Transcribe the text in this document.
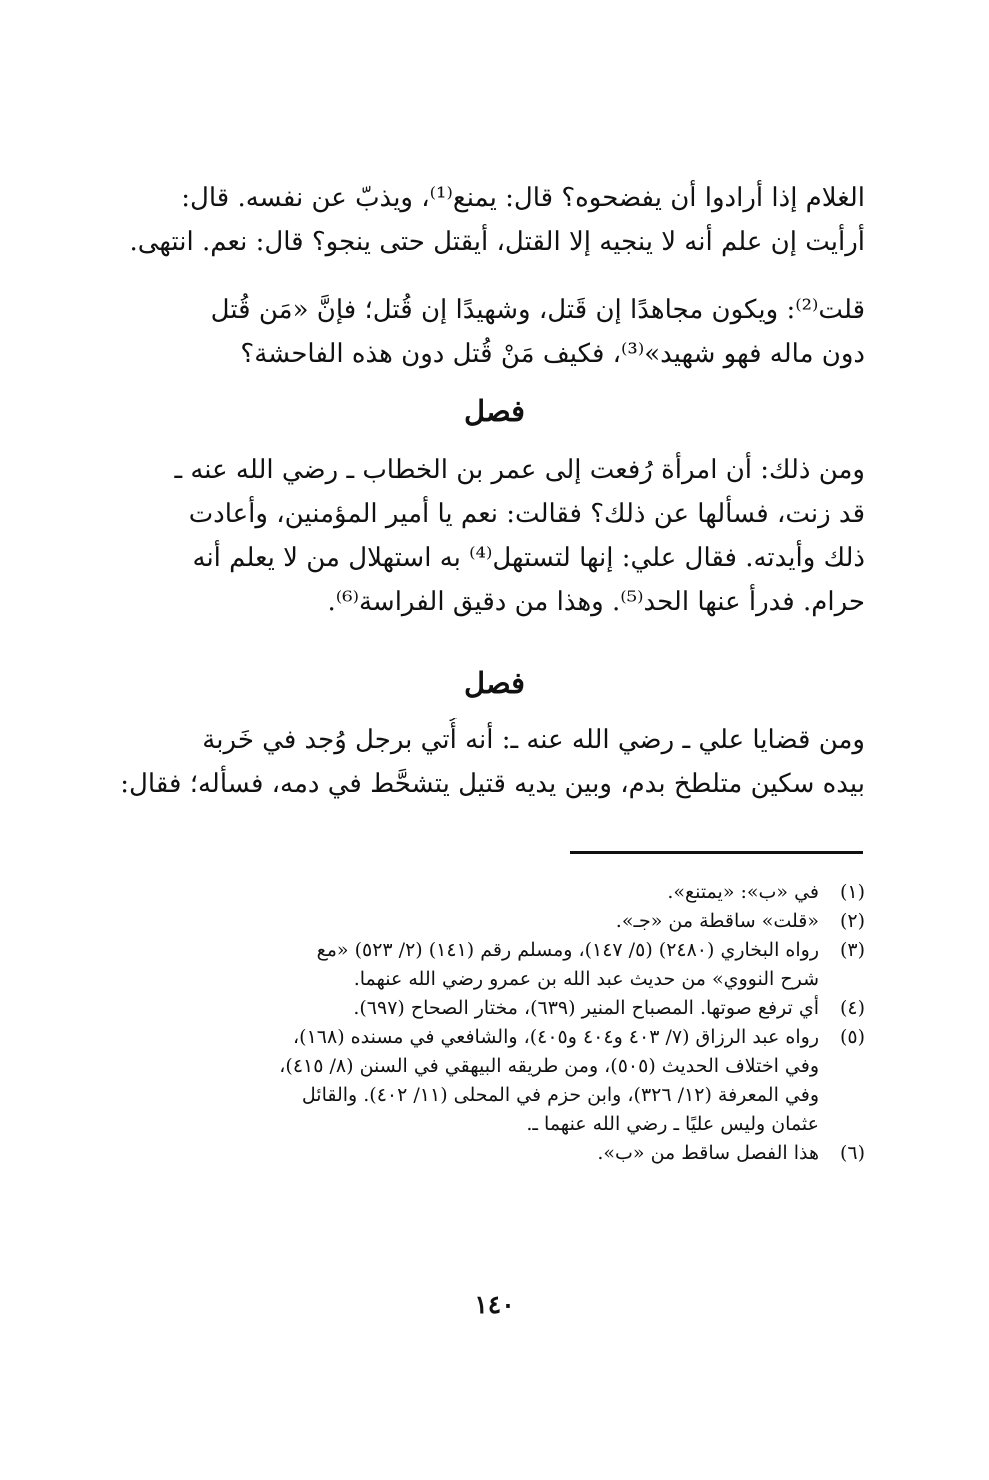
الغلام إذا أرادوا أن يفضحوه؟ قال: يمنع⁽¹⁾، ويذبّ عن نفسه. قال:
أرأيت إن علم أنه لا ينجيه إلا القتل، أيقتل حتى ينجو؟ قال: نعم. انتهى.
قلت⁽²⁾: ويكون مجاهدًا إن قَتل، وشهيدًا إن قُتل؛ فإنَّ «مَن قُتل
دون ماله فهو شهيد»⁽³⁾، فكيف مَنْ قُتل دون هذه الفاحشة؟
فصل
ومن ذلك: أن امرأة رُفعت إلى عمر بن الخطاب ـ رضي الله عنه ـ
قد زنت، فسألها عن ذلك؟ فقالت: نعم يا أمير المؤمنين، وأعادت
ذلك وأيدته. فقال علي: إنها لتستهل⁽⁴⁾ به استهلال من لا يعلم أنه
حرام. فدرأ عنها الحد⁽⁵⁾. وهذا من دقيق الفراسة⁽⁶⁾.
فصل
ومن قضايا علي ـ رضي الله عنه ـ: أنه أُتي برجل وُجد في خَربة
بيده سكين متلطخ بدم، وبين يديه قتيل يتشحَّط في دمه، فسأله؛ فقال:
(١)
في «ب»: «يمتنع».
(٢)
«قلت» ساقطة من «جـ».
(٣)
رواه البخاري (٢٤٨٠) (٥/ ١٤٧)، ومسلم رقم (١٤١) (٢/ ٥٢٣) «مع
شرح النووي» من حديث عبد الله بن عمرو رضي الله عنهما.
(٤)
أي ترفع صوتها. المصباح المنير (٦٣٩)، مختار الصحاح (٦٩٧).
(٥)
رواه عبد الرزاق (٧/ ٤٠٣ و٤٠٤ و٤٠٥)، والشافعي في مسنده (١٦٨)،
وفي اختلاف الحديث (٥٠٥)، ومن طريقه البيهقي في السنن (٨/ ٤١٥)،
وفي المعرفة (١٢/ ٣٢٦)، وابن حزم في المحلى (١١/ ٤٠٢). والقائل
عثمان وليس عليًا ـ رضي الله عنهما ـ.
(٦)
هذا الفصل ساقط من «ب».
١٤٠
